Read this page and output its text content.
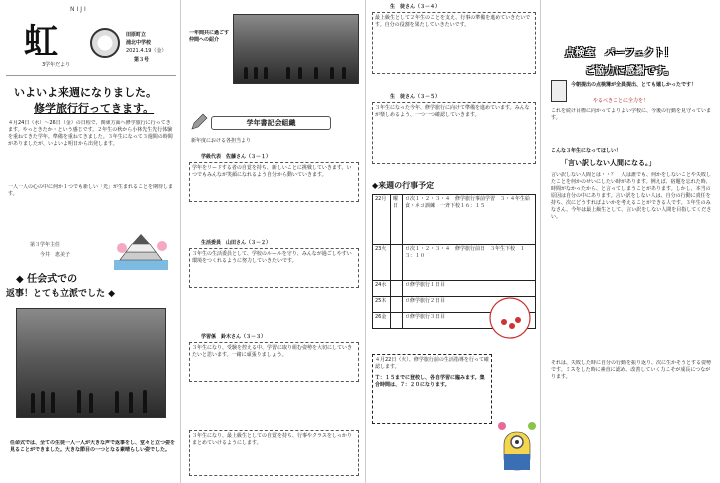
虹
3学年だより
NIJI
田原町立
浦北中学校
2021.4.19（金）
第３号
いよいよ来週になりました。
修学旅行行ってきます。
４月24日（水）～26日（金）の日程で、関東方面へ修学旅行に行ってきます。やっときたか・という感じです。２年生の秋から小林先生先行体験を重ねてきた学年。準備を重ねてきました。３年生になって３週間の時間がありましたが、いよいよ明日から出発します。
一人一人の心の中に何か１つでも新しい「光」が生まれることを期待します。
第３学年主任
今井　恵美子
◆ 任会式での
返事！とても立派でした ◆
任命式では、全ての生徒一人一人が大きな声で返事をし、堂々と立つ姿を見ることができました。大きな節目の一つとなる素晴らしい姿でした。
一年間共に過ごす仲間への紹介
学年書記会組織
新年度における各担当より
学級代表　佐藤さん（３－１）
学年をリードする者の自覚を持ち、新しいことに挑戦していきます。いつでもみんなが笑顔になれるよう自分から動いていきます。
生活委員　山田さん（３－２）
３年生の生活委員として、学校のルールを守り、みんなが過ごしやすい環境をつくれるように努力していきたいです。
学習係　鈴木さん（３－３）
３年生になり、受験を控える中、学習に取り組む姿勢を大切にしていきたいと思います。一緒に頑張りましょう。
３年生になり、最上級生としての自覚を持ち、行事やクラスをしっかりまとめていけるようにします。
生　徒さん（３－４）
最上級生として２年生のことを支え、行事の準備を進めていきたいです。自分の役割を果たしていきたいです。
生　徒さん（３－５）
３年生になった今年、修学旅行に向けて準備を進めています。みんなが楽しめるよう、一つ一つ確認していきます。
◆来週の行事予定
22月	曜日	ロ次１・２・３・４　修学旅行事前学習　３・４年生給食・ネコ訓練　一斉下校１６：１５
23火		ロ次１・２・３・４　修学旅行前日　３年生下校　１３：１０
24水		ロ修学旅行１日目
25木		ロ修学旅行２日目
26金		ロ修学旅行３日目
４月22日（火）、修学旅行前の生活指導を行って確認します。
Ｔ：１５までに登校し、各自学習に臨みます。集合時間は、７：２０になります。
点検室　パーフェクト！
ご協力に感謝です。
今朝提出の点検簿が全員提出、とても嬉しかったです！
やるべきことに全力を！
これを続け目標に向かってよりよい学校に、今後の行動を見守っています。
こんな３年生になってほしい！
「言い訳しない人間になる。」
言い訳しない人間とは・・？　人は誰でも、何かをしないことや失敗したことを何かのせいにしたい時があります。例えば、宿題を忘れた時、時間がなかったから、と言ってしまうことがあります。しかし、本当の原因は自分の中にあります。言い訳をしない人は、自分の行動に責任を持ち、次にどうすればよいかを考えることができる人です。３年生のみなさん、今年は最上級生として、言い訳をしない人間を目指してください。
それは、失敗した時に自分の行動を振り返り、次に生かそうとする姿勢です。ミスをした時に素直に認め、改善していく力こそが成長につながります。
